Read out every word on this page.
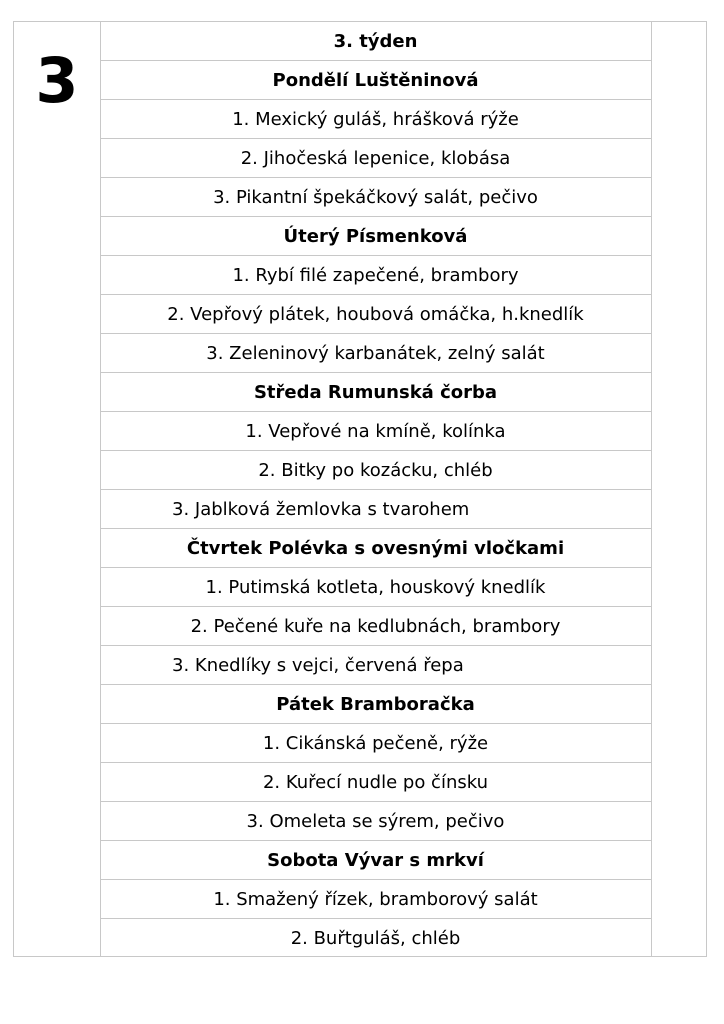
3
3. týden
Pondělí Luštěninová
1. Mexický guláš, hrášková rýže
2. Jihočeská lepenice, klobása
3. Pikantní špekáčkový salát, pečivo
Úterý Písmenková
1. Rybí filé zapečené, brambory
2. Vepřový plátek, houbová omáčka, h.knedlík
3. Zeleninový karbanátek, zelný salát
Středa Rumunská čorba
1. Vepřové na kmíně, kolínka
2. Bitky po kozácku, chléb
3. Jablková žemlovka s tvarohem
Čtvrtek Polévka s ovesnými vločkami
1. Putimská kotleta, houskový knedlík
2. Pečené kuře na kedlubnách, brambory
3. Knedlíky s vejci, červená řepa
Pátek Bramboračka
1. Cikánská pečeně, rýže
2. Kuřecí nudle po čínsku
3. Omeleta se sýrem, pečivo
Sobota Vývar s mrkví
1. Smažený řízek, bramborový salát
2. Buřtguláš, chléb
